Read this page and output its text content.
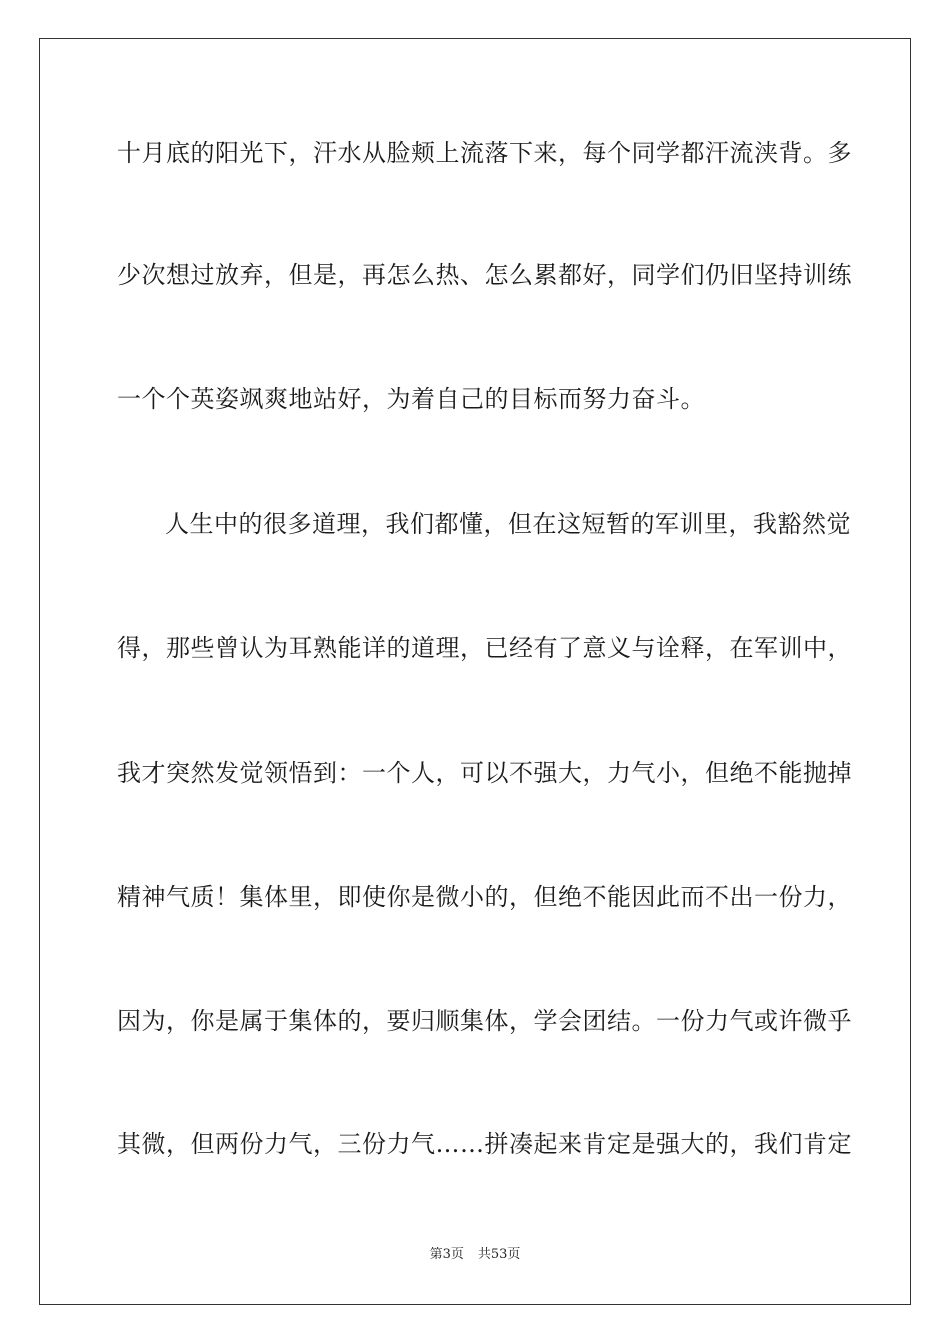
十月底的阳光下，汗水从脸颊上流落下来，每个同学都汗流浃背。多
少次想过放弃，但是，再怎么热、怎么累都好，同学们仍旧坚持训练
一个个英姿飒爽地站好，为着自己的目标而努力奋斗。
人生中的很多道理，我们都懂，但在这短暂的军训里，我豁然觉
得，那些曾认为耳熟能详的道理，已经有了意义与诠释，在军训中，
我才突然发觉领悟到：一个人，可以不强大，力气小，但绝不能抛掉
精神气质！集体里，即使你是微小的，但绝不能因此而不出一份力，
因为，你是属于集体的，要归顺集体，学会团结。一份力气或许微乎
其微，但两份力气，三份力气……拼凑起来肯定是强大的，我们肯定
第3页 共53页
